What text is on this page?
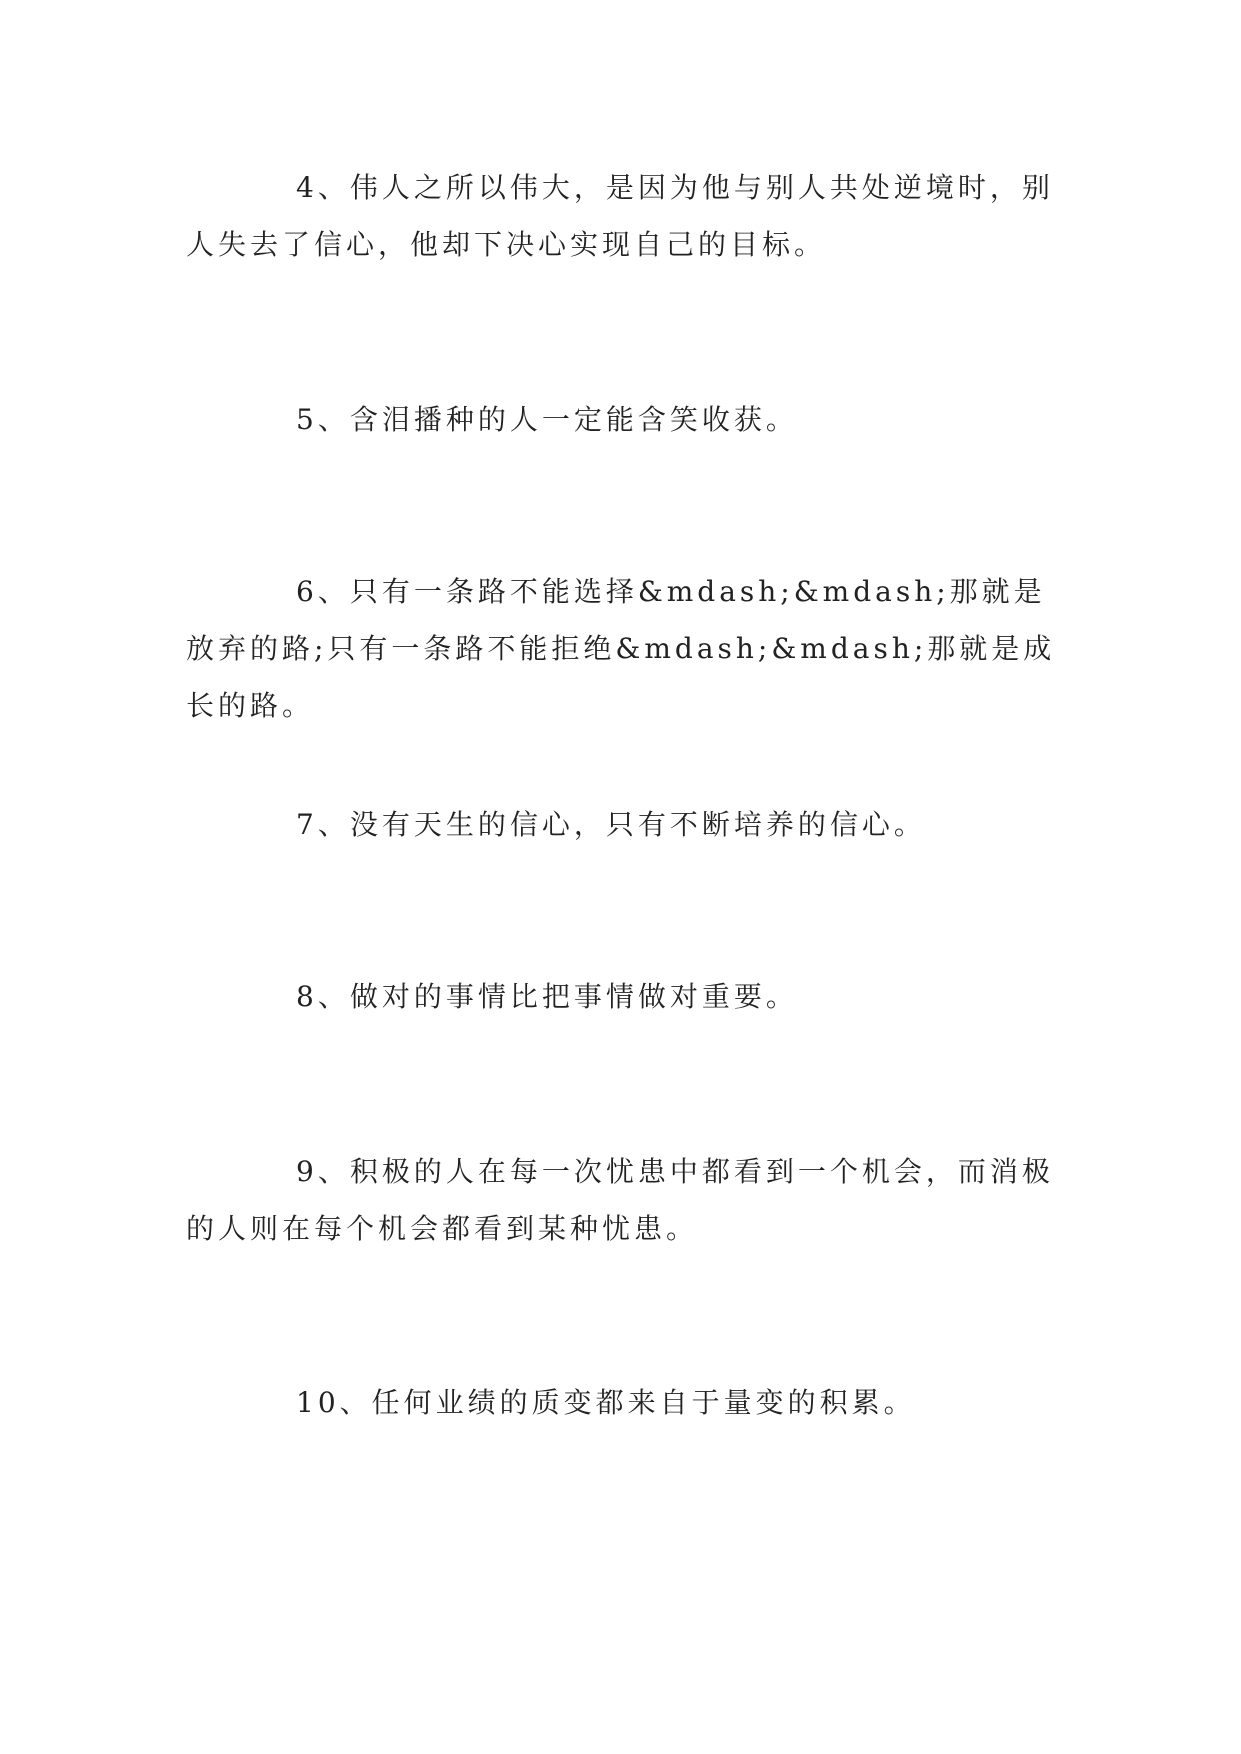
4、伟人之所以伟大，是因为他与别人共处逆境时，别人失去了信心，他却下决心实现自己的目标。

5、含泪播种的人一定能含笑收获。

6、只有一条路不能选择&mdash;&mdash;那就是放弃的路;只有一条路不能拒绝&mdash;&mdash;那就是成长的路。

7、没有天生的信心，只有不断培养的信心。

8、做对的事情比把事情做对重要。

9、积极的人在每一次忧患中都看到一个机会，而消极的人则在每个机会都看到某种忧患。

10、任何业绩的质变都来自于量变的积累。
